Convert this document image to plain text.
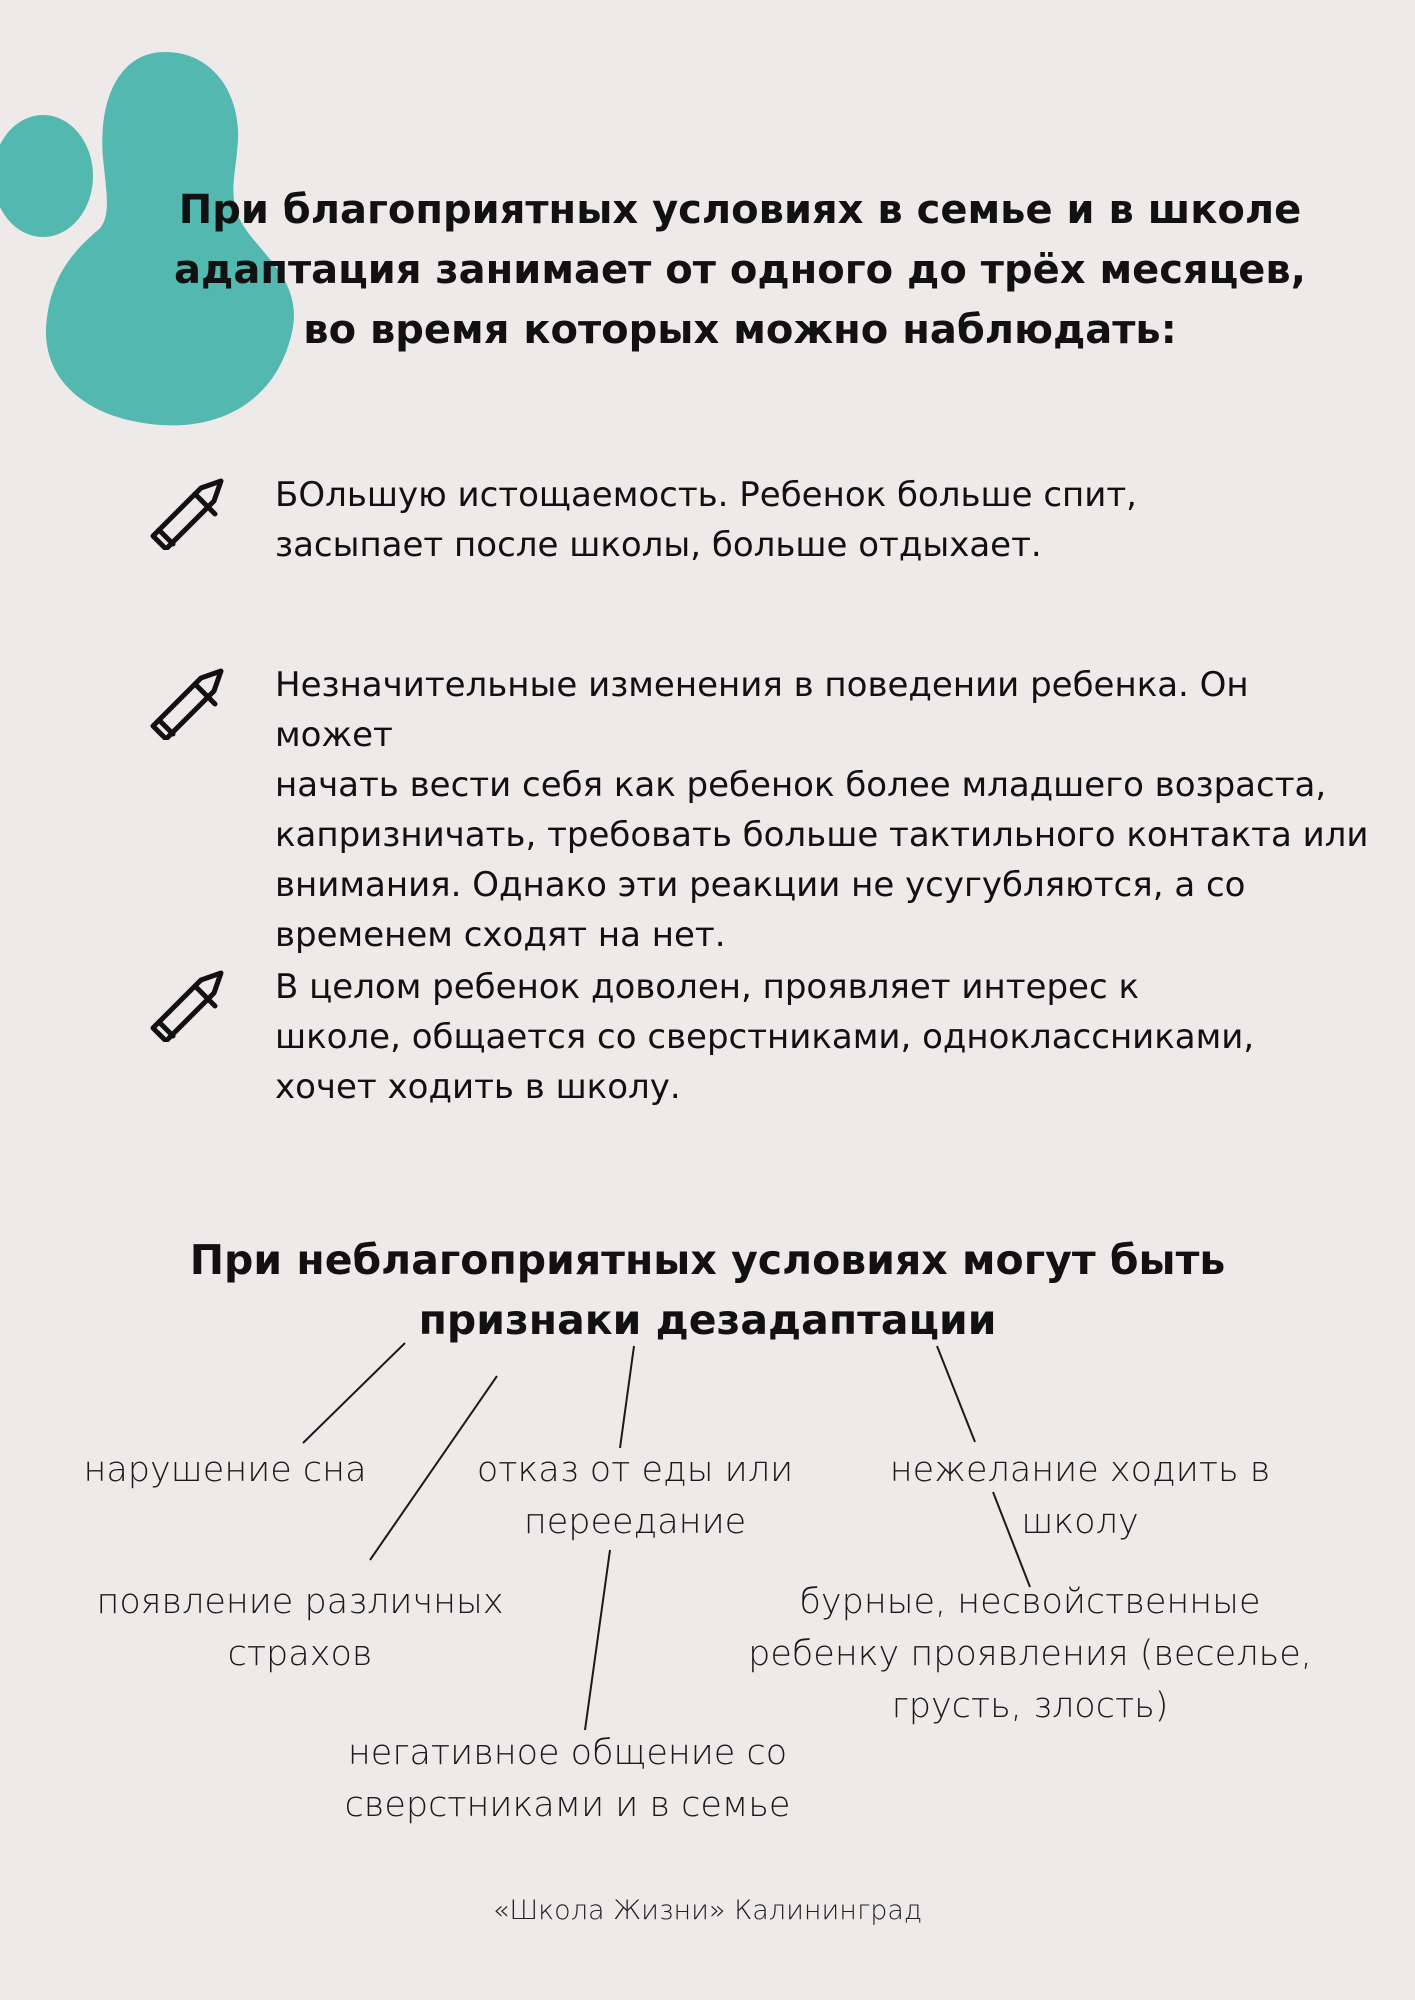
При благоприятных условиях в семье и в школе
адаптация занимает от одного до трёх месяцев,
во время которых можно наблюдать:

БОльшую истощаемость. Ребенок больше спит,
засыпает после школы, больше отдыхает.

Незначительные изменения в поведении ребенка. Он может
начать вести себя как ребенок более младшего возраста,
капризничать, требовать больше тактильного контакта или
внимания. Однако эти реакции не усугубляются, а со
временем сходят на нет.

В целом ребенок доволен, проявляет интерес к
школе, общается со сверстниками, одноклассниками,
хочет ходить в школу.

При неблагоприятных условиях могут быть
признаки дезадаптации

нарушение сна	отказ от еды или
переедание

нежелание ходить в школу

появление различных
страхов

бурные, несвойственные
ребенку проявления (веселье,
грусть, злость)

негативное общение со
сверстниками и в семье

«Школа Жизни» Калининград
